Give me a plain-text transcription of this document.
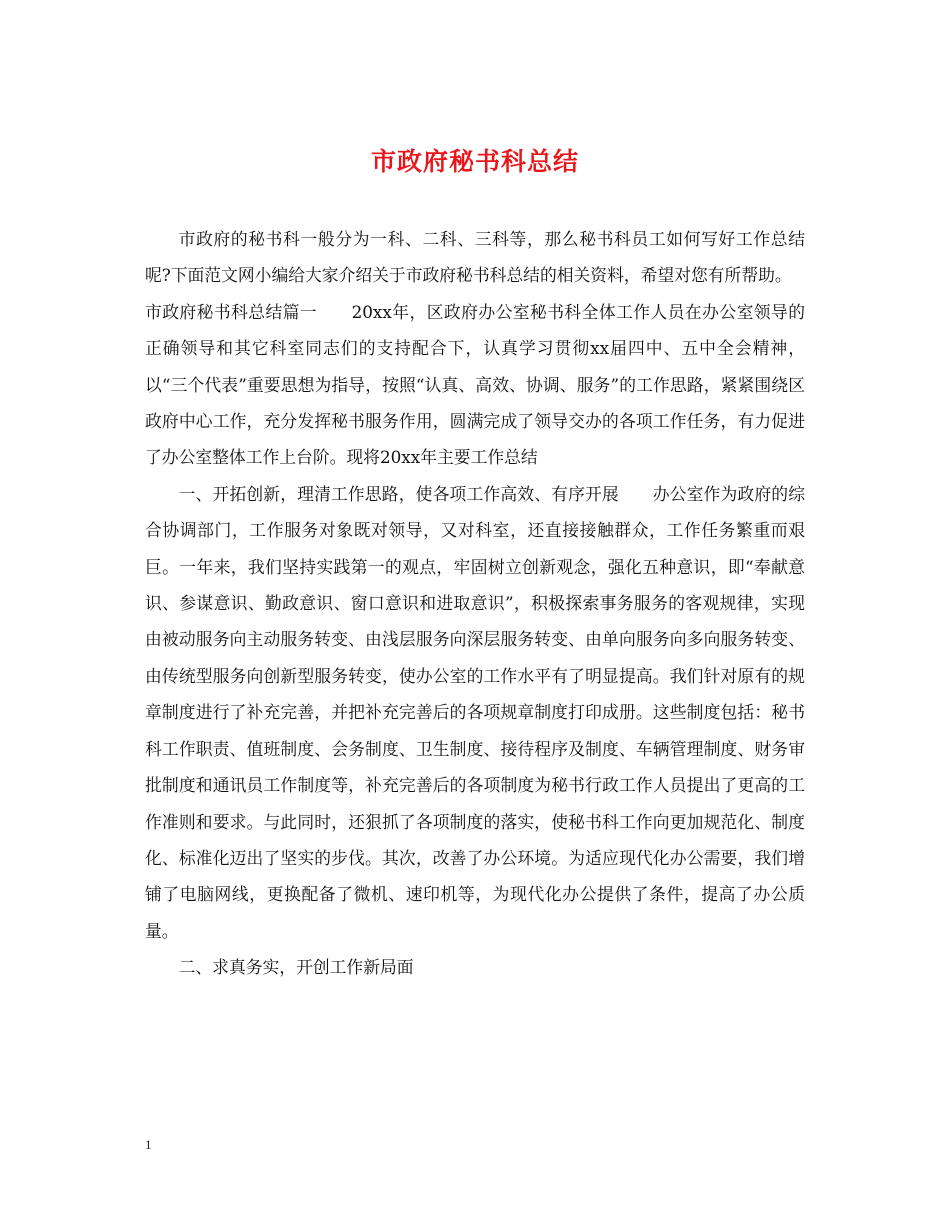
市政府秘书科总结

市政府的秘书科一般分为一科、二科、三科等，那么秘书科员工如何写好工作总结呢?下面范文网小编给大家介绍关于市政府秘书科总结的相关资料，希望对您有所帮助。

市政府秘书科总结篇一　　20xx年，区政府办公室秘书科全体工作人员在办公室领导的正确领导和其它科室同志们的支持配合下，认真学习贯彻xx届四中、五中全会精神，以“三个代表”重要思想为指导，按照“认真、高效、协调、服务”的工作思路，紧紧围绕区政府中心工作，充分发挥秘书服务作用，圆满完成了领导交办的各项工作任务，有力促进了办公室整体工作上台阶。现将20xx年主要工作总结

一、开拓创新，理清工作思路，使各项工作高效、有序开展　　办公室作为政府的综合协调部门，工作服务对象既对领导，又对科室，还直接接触群众，工作任务繁重而艰巨。一年来，我们坚持实践第一的观点，牢固树立创新观念，强化五种意识，即“奉献意识、参谋意识、勤政意识、窗口意识和进取意识”，积极探索事务服务的客观规律，实现由被动服务向主动服务转变、由浅层服务向深层服务转变、由单向服务向多向服务转变、由传统型服务向创新型服务转变，使办公室的工作水平有了明显提高。我们针对原有的规章制度进行了补充完善，并把补充完善后的各项规章制度打印成册。这些制度包括：秘书科工作职责、值班制度、会务制度、卫生制度、接待程序及制度、车辆管理制度、财务审批制度和通讯员工作制度等，补充完善后的各项制度为秘书行政工作人员提出了更高的工作准则和要求。与此同时，还狠抓了各项制度的落实，使秘书科工作向更加规范化、制度化、标准化迈出了坚实的步伐。其次，改善了办公环境。为适应现代化办公需要，我们增铺了电脑网线，更换配备了微机、速印机等，为现代化办公提供了条件，提高了办公质量。

二、求真务实，开创工作新局面

1
